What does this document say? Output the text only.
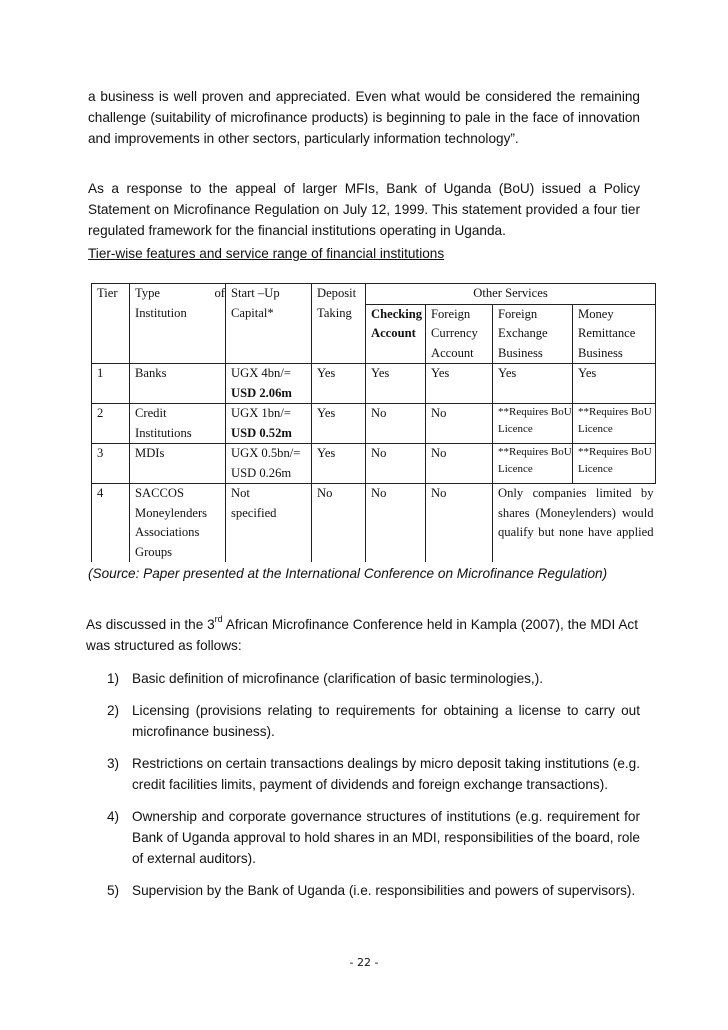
a business is well proven and appreciated. Even what would be considered the remaining challenge (suitability of microfinance products) is beginning to pale in the face of innovation and improvements in other sectors, particularly information technology”.

As a response to the appeal of larger MFIs, Bank of Uganda (BoU) issued a Policy Statement on Microfinance Regulation on July 12, 1999. This statement provided a four tier regulated framework for the financial institutions operating in Uganda.

Tier-wise features and service range of financial institutions
Tier	Type of Institution	Start –Up Capital*	Deposit Taking	Other Services			
				Checking Account	Foreign Currency Account	Foreign Exchange Business	Money Remittance Business
1	Banks	UGX 4bn/=
USD 2.06m	Yes	Yes	Yes	Yes	Yes
2	Credit Institutions	UGX 1bn/=
USD 0.52m	Yes	No	No	**Requires BoU Licence	**Requires BoU Licence
3	MDIs	UGX 0.5bn/=
USD 0.26m	Yes	No	No	**Requires BoU Licence	**Requires BoU Licence
4	SACCOS
Moneylenders
Associations
Groups	Not specified	No	No	No	Only companies limited by shares (Moneylenders) would qualify but none have applied	

(Source: Paper presented at the International Conference on Microfinance Regulation)

As discussed in the 3rd African Microfinance Conference held in Kampla (2007), the MDI Act was structured as follows:

1) Basic definition of microfinance (clarification of basic terminologies,).
2) Licensing (provisions relating to requirements for obtaining a license to carry out microfinance business).
3) Restrictions on certain transactions dealings by micro deposit taking institutions (e.g. credit facilities limits, payment of dividends and foreign exchange transactions).
4) Ownership and corporate governance structures of institutions (e.g. requirement for Bank of Uganda approval to hold shares in an MDI, responsibilities of the board, role of external auditors).
5) Supervision by the Bank of Uganda (i.e. responsibilities and powers of supervisors).
- 22 -
